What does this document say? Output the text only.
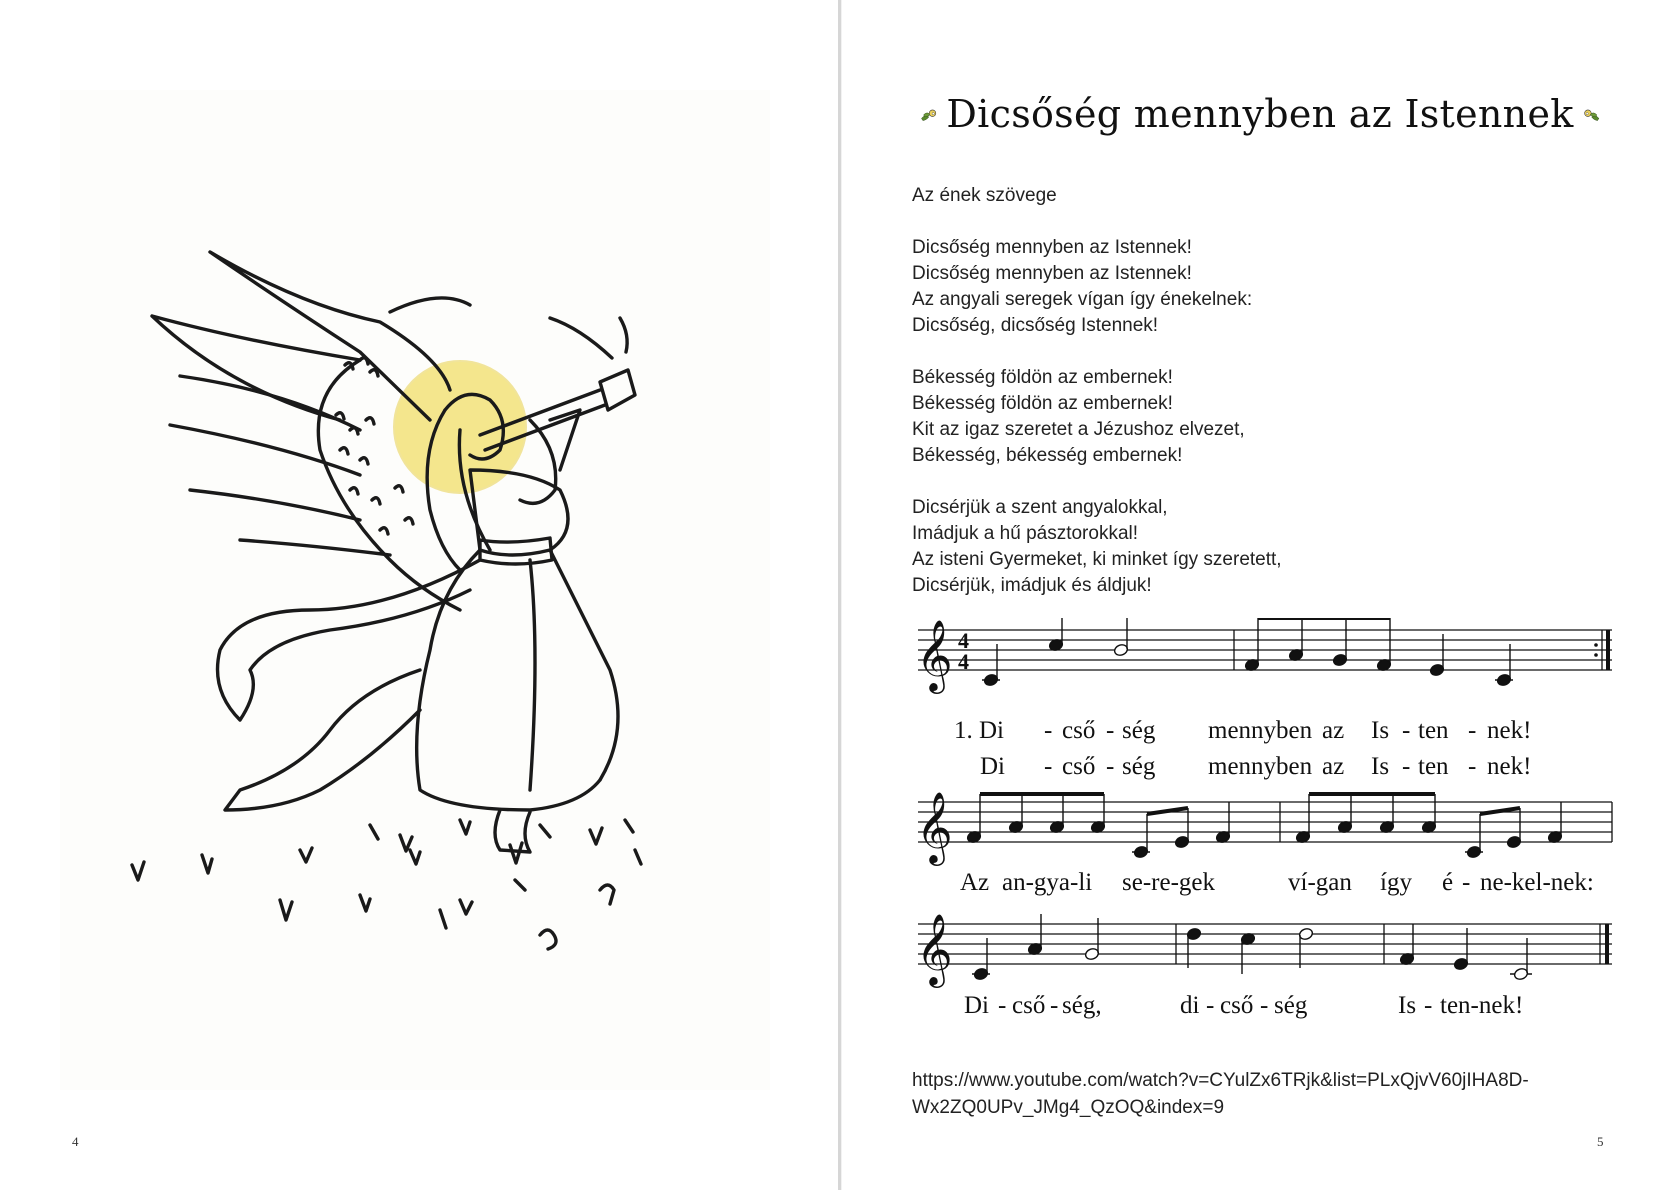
4
Dicsőség mennyben az Istennek
Az ének szövege
Dicsőség mennyben az Istennek!
Dicsőség mennyben az Istennek!
Az angyali seregek vígan így énekelnek:
Dicsőség, dicsőség Istennek!
Békesség földön az embernek!
Békesség földön az embernek!
Kit az igaz szeretet a Jézushoz elvezet,
Békesség, békesség embernek!
Dicsérjük a szent angyalokkal,
Imádjuk a hű pásztorokkal!
Az isteni Gyermeket, ki minket így szeretett,
Dicsérjük, imádjuk és áldjuk!
𝄞 4
4
1. Di - cső - ség mennyben az Is - ten - nek!
Di - cső - ség mennyben az Is - ten - nek!
𝄞
Az an-gya-li se-re-gek	ví-gan így é - ne-kel-nek:
𝄞
Di - cső - ség,	di - cső - ség	Is - ten-nek!
https://www.youtube.com/watch?v=CYulZx6TRjk&list=PLxQjvV60jIHA8D-
Wx2ZQ0UPv_JMg4_QzOQ&index=9
5
